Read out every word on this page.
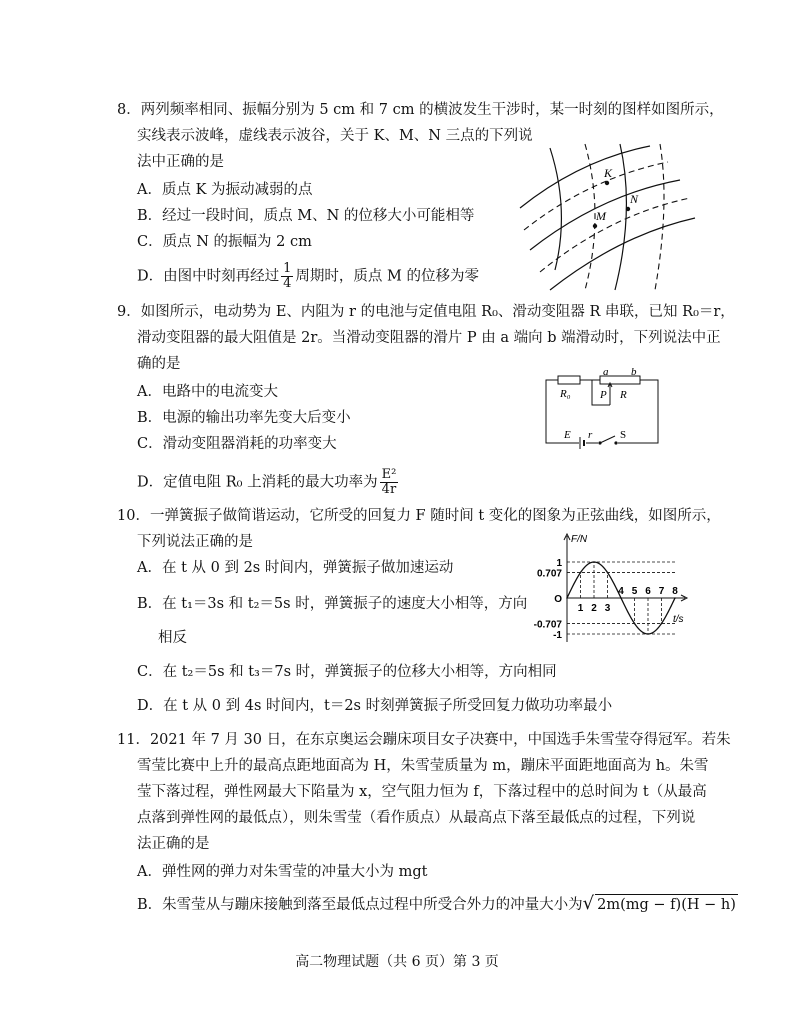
8．两列频率相同、振幅分别为 5 cm 和 7 cm 的横波发生干涉时，某一时刻的图样如图所示，
实线表示波峰，虚线表示波谷，关于 K、M、N 三点的下列说
法中正确的是
A．质点 K 为振动减弱的点
B．经过一段时间，质点 M、N 的位移大小可能相等
C．质点 N 的振幅为 2 cm
D．由图中时刻再经过 $\frac{1}{4}$ 周期时，质点 M 的位移为零
K
M
N
9．如图所示，电动势为 E、内阻为 r 的电池与定值电阻 R₀、滑动变阻器 R 串联，已知 R₀＝r，
滑动变阻器的最大阻值是 2r。当滑动变阻器的滑片 P 由 a 端向 b 端滑动时，下列说法中正
确的是
A．电路中的电流变大
B．电源的输出功率先变大后变小
C．滑动变阻器消耗的功率变大
D．定值电阻 R₀ 上消耗的最大功率为 $\frac{\text{E²}}{4r}$
a b
R₀	P R
E r	S
10．一弹簧振子做简谐运动，它所受的回复力 F 随时间 t 变化的图象为正弦曲线，如图所示，
下列说法正确的是
A．在 t 从 0 到 2s 时间内，弹簧振子做加速运动
B．在 t₁＝3s 和 t₂＝5s 时，弹簧振子的速度大小相等，方向
相反
C．在 t₂＝5s 和 t₃＝7s 时，弹簧振子的位移大小相等，方向相同
D．在 t 从 0 到 4s 时间内，t＝2s 时刻弹簧振子所受回复力做功功率最小
F/N
t/s
1
0.707
O
-0.707
-1
1 2 3
4 5 6 7 8
11．2021 年 7 月 30 日，在东京奥运会蹦床项目女子决赛中，中国选手朱雪莹夺得冠军。若朱
雪莹比赛中上升的最高点距地面高为 H，朱雪莹质量为 m，蹦床平面距地面高为 h。朱雪
莹下落过程，弹性网最大下陷量为 x，空气阻力恒为 f，下落过程中的总时间为 t（从最高
点落到弹性网的最低点），则朱雪莹（看作质点）从最高点下落至最低点的过程，下列说
法正确的是
A．弹性网的弹力对朱雪莹的冲量大小为 mgt
B．朱雪莹从与蹦床接触到落至最低点过程中所受合外力的冲量大小为√ 2m(mg − f)(H − h)
高二物理试题（共 6 页）第 3 页
